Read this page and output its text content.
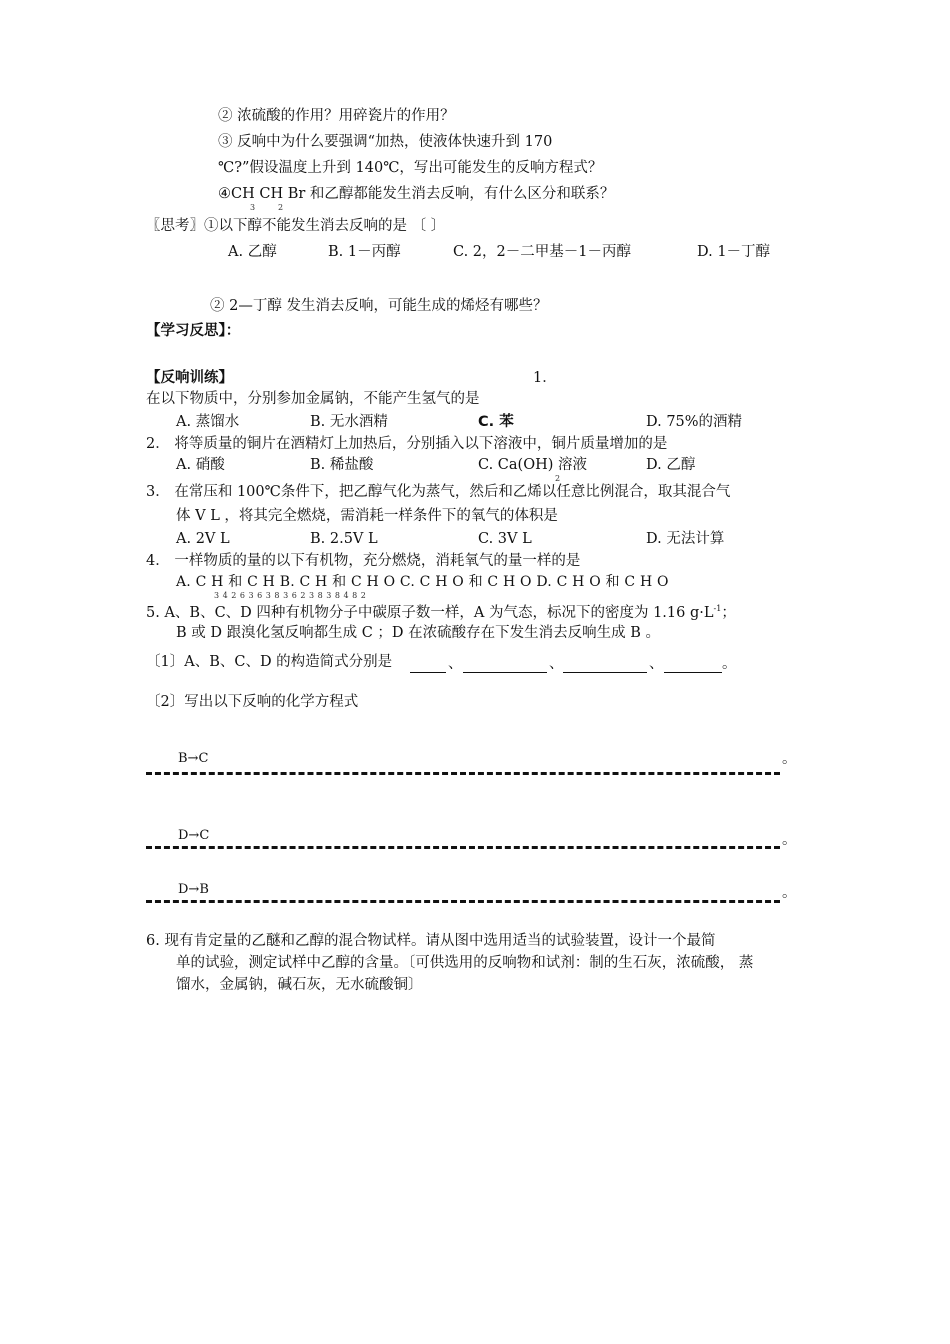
② 浓硫酸的作用？用碎瓷片的作用？
③ 反响中为什么要强调“加热，使液体快速升到 170
℃?”假设温度上升到 140℃，写出可能发生的反响方程式？
④CH CH Br 和乙醇都能发生消去反响，有什么区分和联系？
3	2
〖思考〗①以下醇不能发生消去反响的是 〔 〕
A. 乙醇	B. 1－丙醇	C. 2，2－二甲基－1－丙醇	D. 1－丁醇
② 2—丁醇 发生消去反响，可能生成的烯烃有哪些？
【学习反思】：
【反响训练】	1．
在以下物质中，分别参加金属钠，不能产生氢气的是
A. 蒸馏水	B. 无水酒精	C. 苯	D. 75%的酒精
2． 将等质量的铜片在酒精灯上加热后，分别插入以下溶液中，铜片质量增加的是
A. 硝酸	B. 稀盐酸	C. Ca(OH) 溶液
2
D. 乙醇
3． 在常压和 100℃条件下，把乙醇气化为蒸气，然后和乙烯以任意比例混合，取其混合气
体 V L ，将其完全燃烧，需消耗一样条件下的氧气的体积是
A. 2V L	B. 2.5V L	C. 3V L	D. 无法计算
4． 一样物质的量的以下有机物，充分燃烧，消耗氧气的量一样的是
A. C H 和 C H B. C H 和 C H O C. C H O 和 C H O D. C H O 和 C H O
3 4 2 6 3 6 3 8 3 6 2 3 8 3 8 4 8 2
5. A、B、C、D 四种有机物分子中碳原子数一样，A 为气态，标况下的密度为 1.16 $g\cdot L^{-1}$；
B 或 D 跟溴化氢反响都生成 C ；D 在浓硫酸存在下发生消去反响生成 B 。
〔1〕A、B、C、D 的构造简式分别是	、	、	、	。
〔2〕写出以下反响的化学方程式
B→C	。
D→C	。
D→B	。
6. 现有肯定量的乙醚和乙醇的混合物试样。请从图中选用适当的试验装置，设计一个最简
单的试验，测定试样中乙醇的含量。〔可供选用的反响物和试剂：制的生石灰，浓硫酸， 蒸
馏水，金属钠，碱石灰，无水硫酸铜〕
